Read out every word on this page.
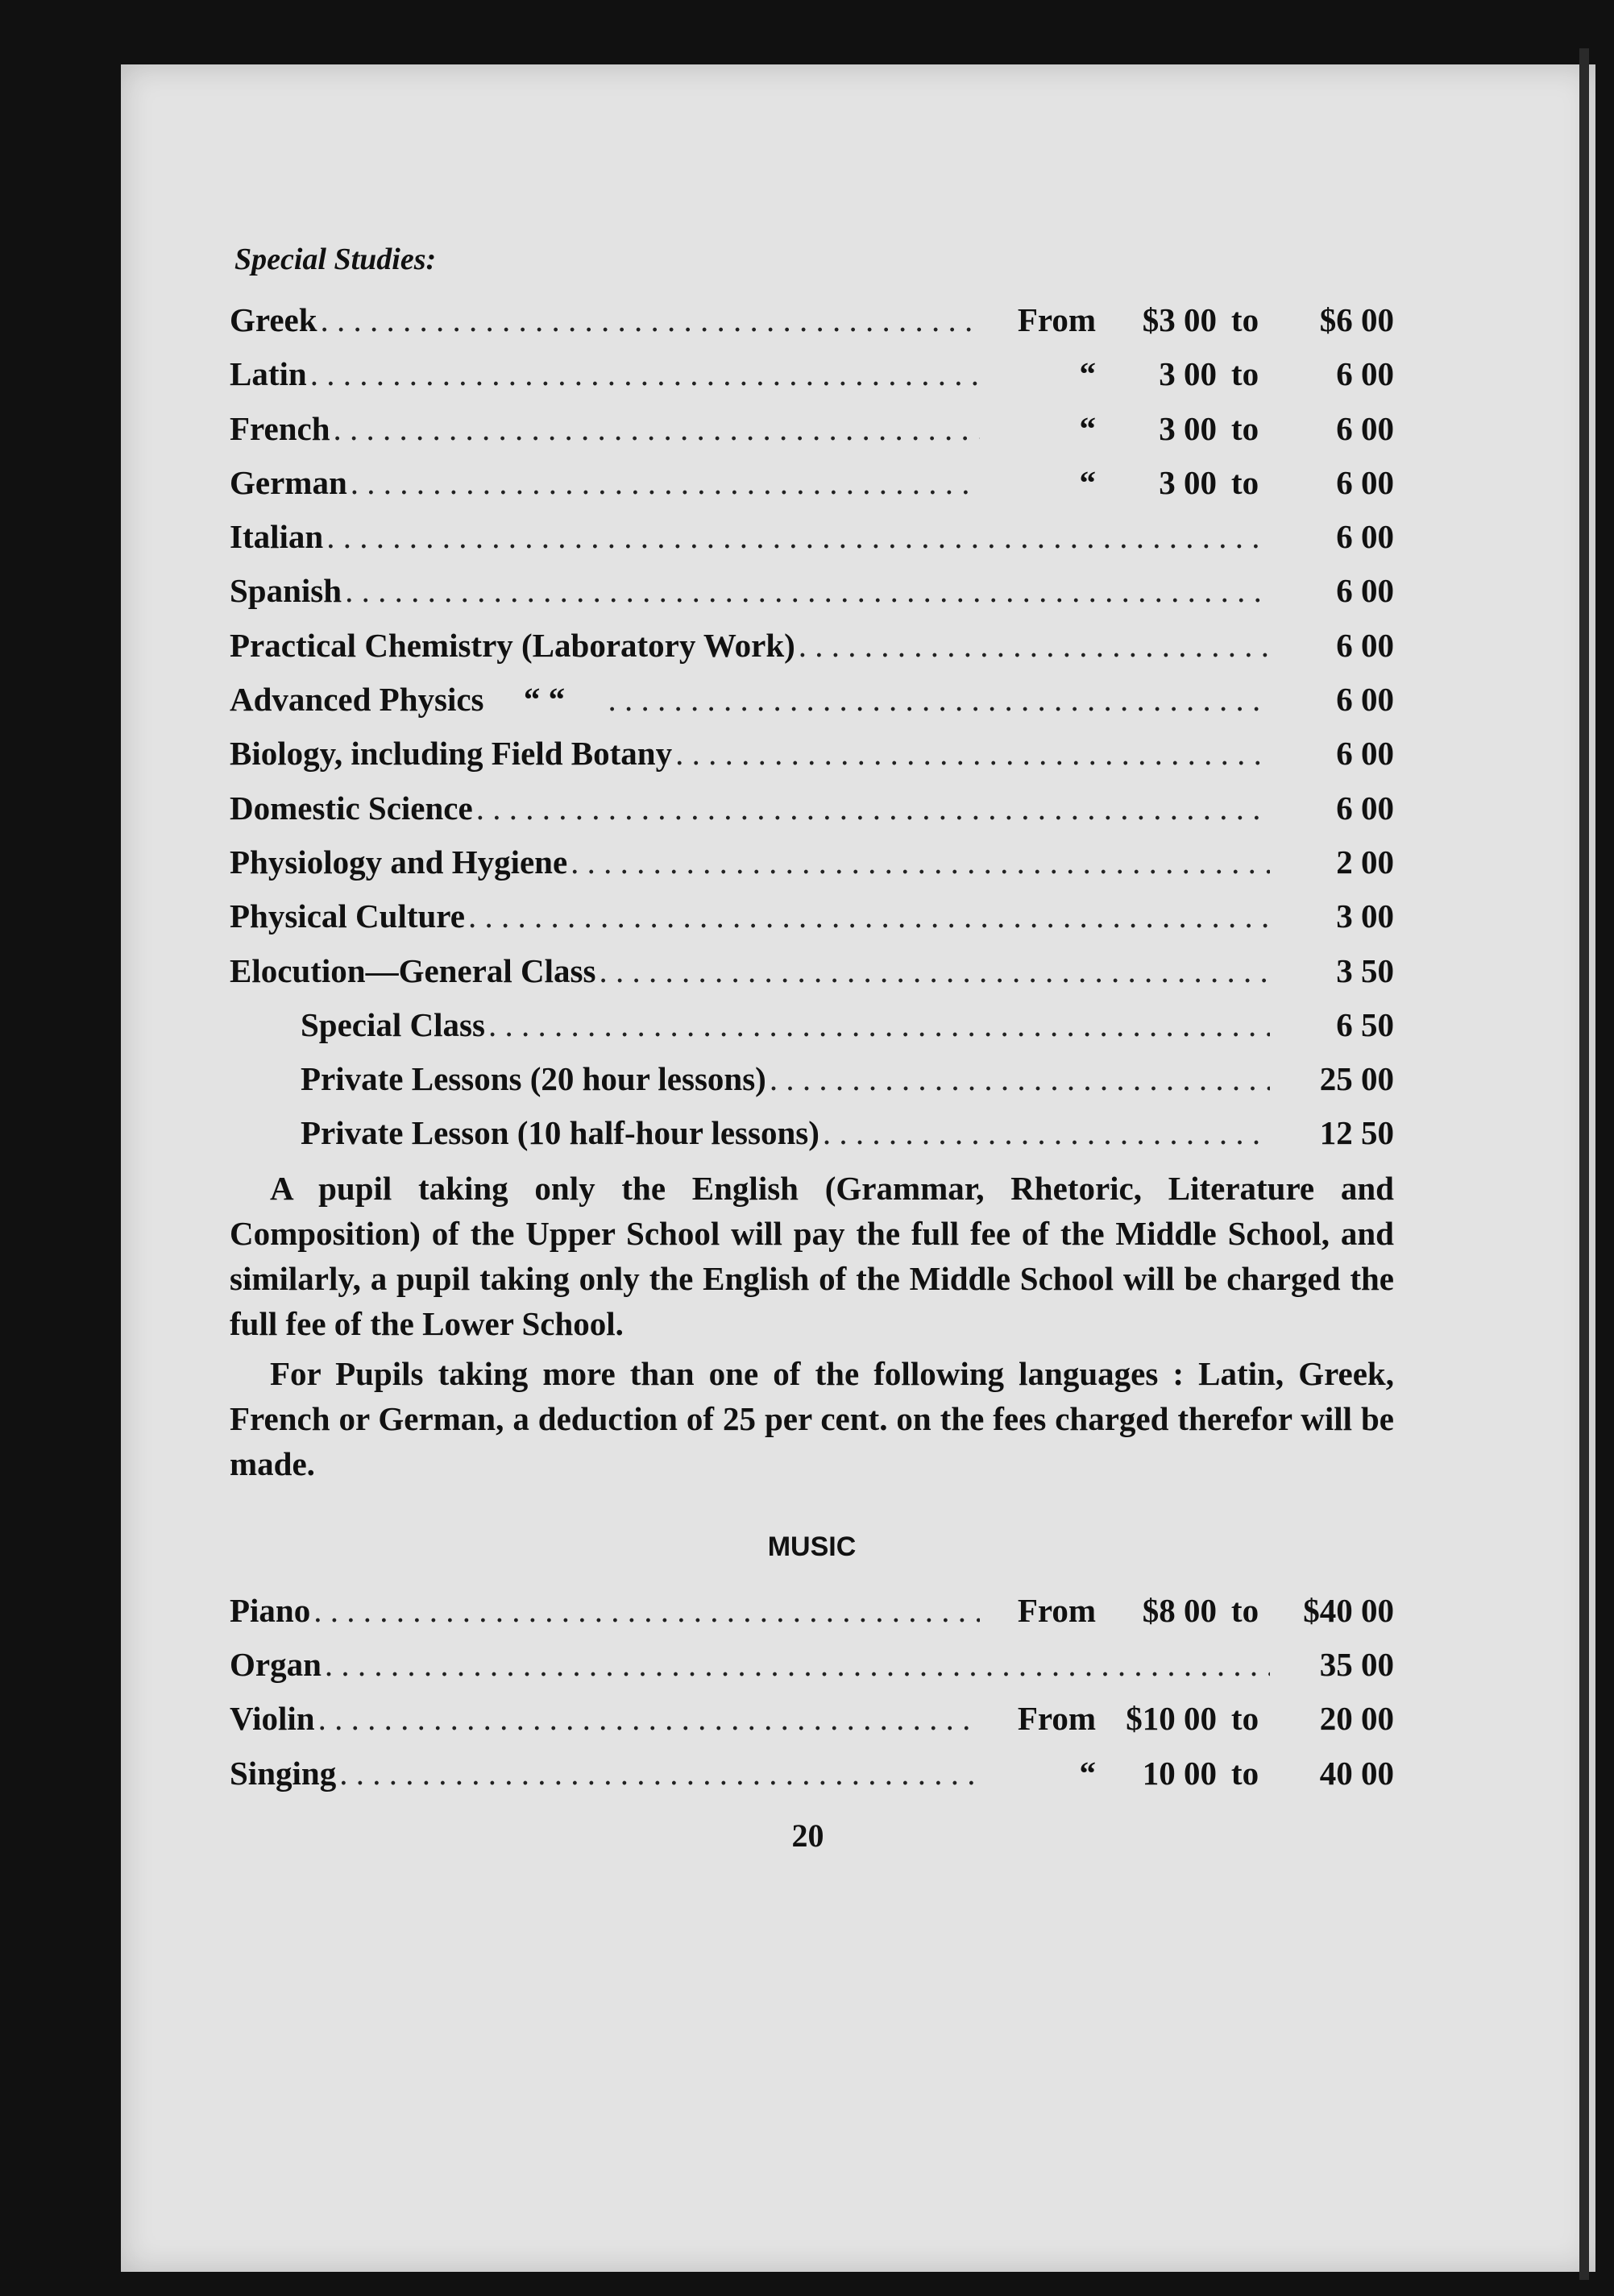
Special Studies:
Greek . . .	From	$3 00 to	$6 00
Latin . . .	“	3 00 to	6 00
French . . .	“	3 00 to	6 00
German . . .	“	3 00 to	6 00
Italian . . .	6 00
Spanish . . .	6 00
Practical Chemistry (Laboratory Work) . . .	6 00
Advanced Physics	“ “ . . .	6 00
Biology, including Field Botany . . .	6 00
Domestic Science . . .	6 00
Physiology and Hygiene . . .	2 00
Physical Culture . . .	3 00
Elocution—General Class . . .	3 50
Special Class . . .	6 50
Private Lessons (20 hour lessons) . . .	25 00
Private Lesson (10 half-hour lessons) . . .	12 50

A pupil taking only the English (Grammar, Rhetoric, Literature and Composition) of the Upper School will pay the full fee of the Middle School, and similarly, a pupil taking only the English of the Middle School will be charged the full fee of the Lower School.

For Pupils taking more than one of the following languages : Latin, Greek, French or German, a deduction of 25 per cent. on the fees charged therefor will be made.

MUSIC
Piano . . .	From	$8 00 to	$40 00
Organ . . .	35 00
Violin . . .	From $10 00 to	20 00
Singing . . .	“	10 00 to	40 00
20
